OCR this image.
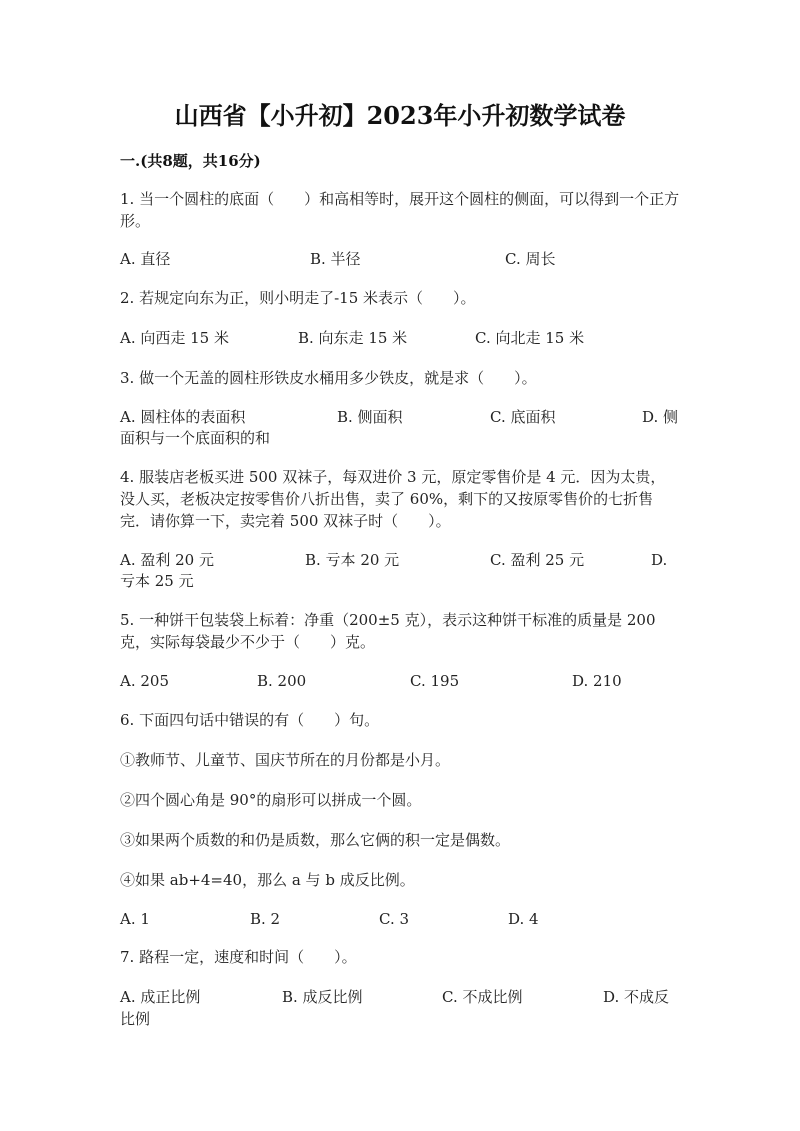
山西省【小升初】2023年小升初数学试卷
一.(共8题，共16分)
1. 当一个圆柱的底面（　　）和高相等时，展开这个圆柱的侧面，可以得到一个正方形。
A. 直径	B. 半径	C. 周长
2. 若规定向东为正，则小明走了-15 米表示（　　）。
A. 向西走 15 米	B. 向东走 15 米	C. 向北走 15 米
3. 做一个无盖的圆柱形铁皮水桶用多少铁皮，就是求（　　）。
A. 圆柱体的表面积	B. 侧面积	C. 底面积	D. 侧
面积与一个底面积的和
4. 服装店老板买进 500 双袜子，每双进价 3 元，原定零售价是 4 元．因为太贵，没人买，老板决定按零售价八折出售，卖了 60%，剩下的又按原零售价的七折售完．请你算一下，卖完着 500 双袜子时（　　）。
A. 盈利 20 元	B. 亏本 20 元	C. 盈利 25 元	D.
亏本 25 元
5. 一种饼干包装袋上标着：净重（200±5 克），表示这种饼干标准的质量是 200 克，实际每袋最少不少于（　　）克。
A. 205	B. 200	C. 195	D. 210
6. 下面四句话中错误的有（　　）句。
①教师节、儿童节、国庆节所在的月份都是小月。
②四个圆心角是 90°的扇形可以拼成一个圆。
③如果两个质数的和仍是质数，那么它俩的积一定是偶数。
④如果 ab+4=40，那么 a 与 b 成反比例。
A. 1	B. 2	C. 3	D. 4
7. 路程一定，速度和时间（　　）。
A. 成正比例	B. 成反比例	C. 不成比例	D. 不成反
比例
